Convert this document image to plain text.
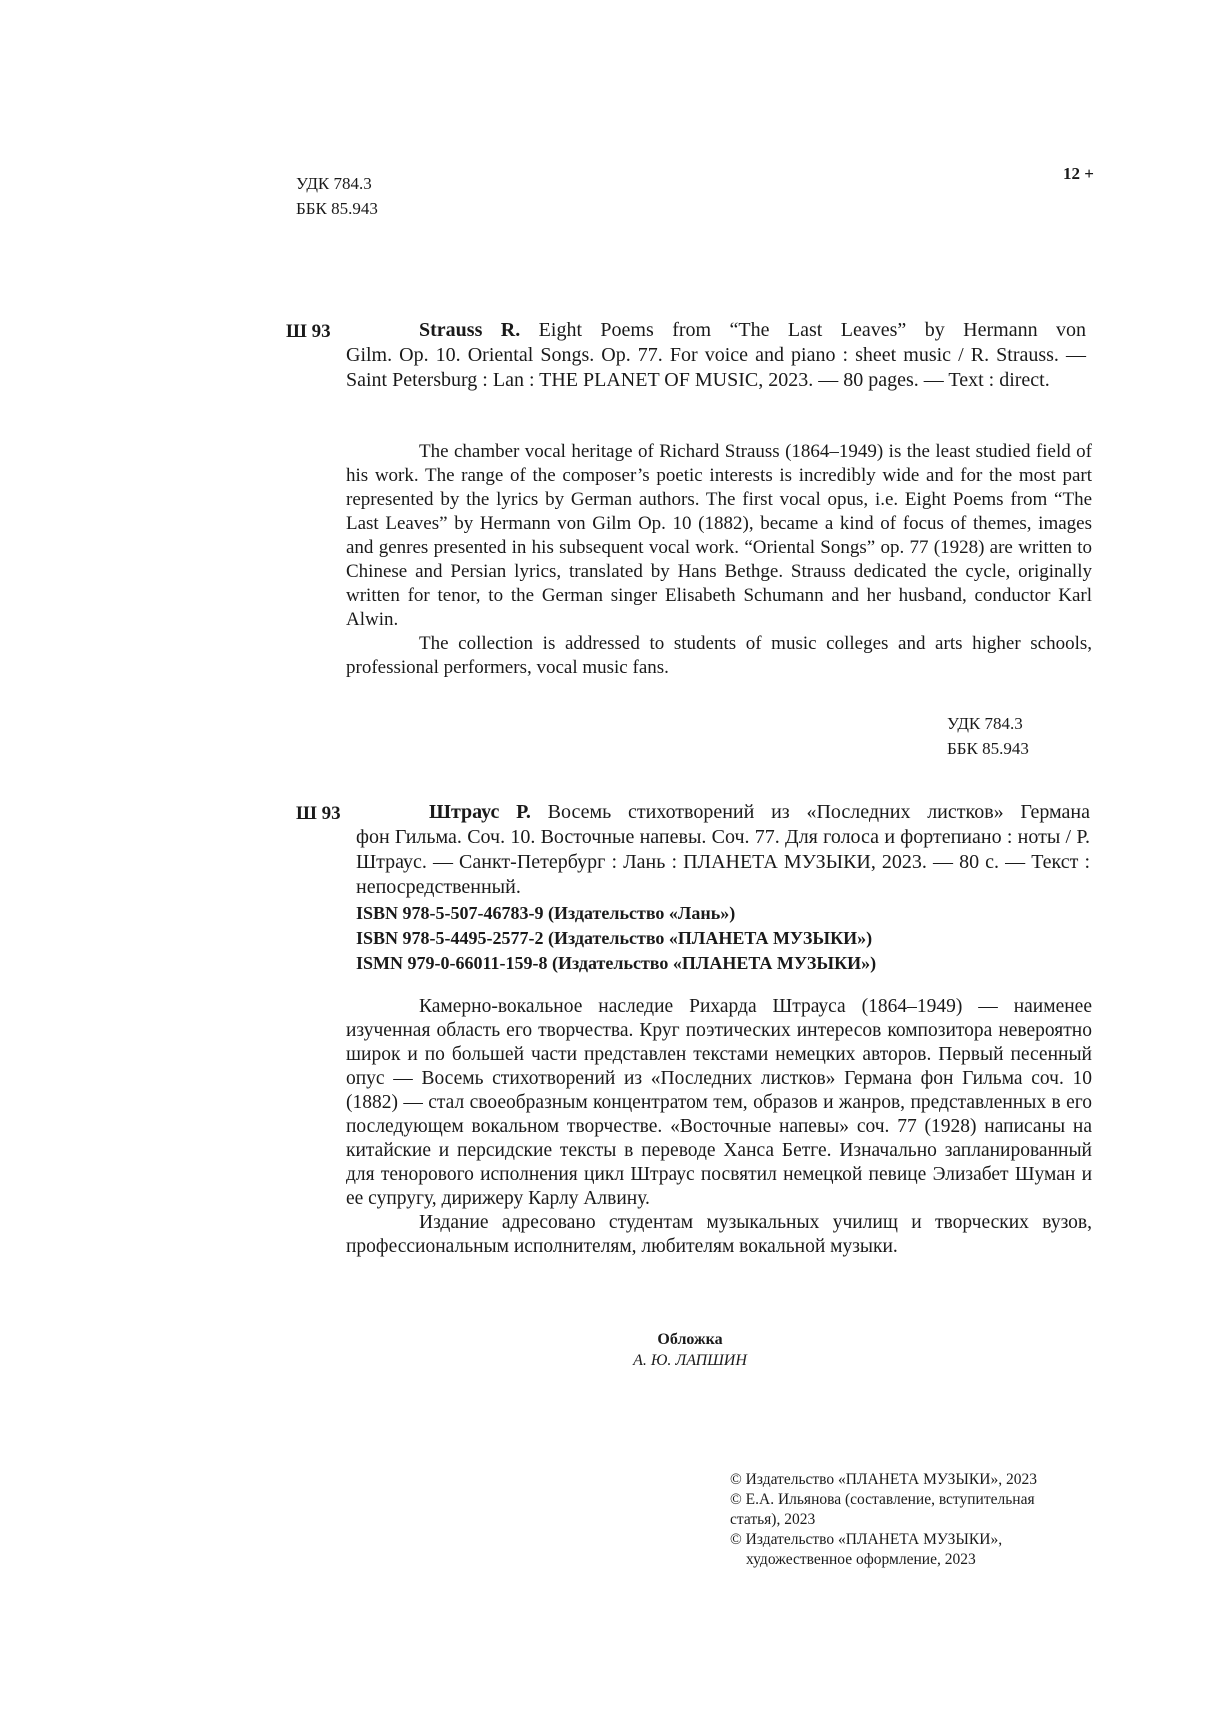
УДК 784.3
ББК 85.943
12 +
Ш 93	Strauss R. Eight Poems from “The Last Leaves” by Hermann von
Gilm. Op. 10. Oriental Songs. Op. 77. For voice and piano : sheet music / R. Strauss. — Saint Petersburg : Lan : THE PLANET OF MUSIC, 2023. — 80 pages. — Text : direct.

The chamber vocal heritage of Richard Strauss (1864–1949) is the least studied field of his work. The range of the composer’s poetic interests is incredibly wide and for the most part represented by the lyrics by German authors. The first vocal opus, i.e. Eight Poems from “The Last Leaves” by Hermann von Gilm Op. 10 (1882), became a kind of focus of themes, images and genres presented in his subsequent vocal work. “Oriental Songs” op. 77 (1928) are written to Chinese and Persian lyrics, translated by Hans Bethge. Strauss dedicated the cycle, originally written for tenor, to the German singer Elisabeth Schumann and her husband, conductor Karl Alwin.

The collection is addressed to students of music colleges and arts higher schools, professional performers, vocal music fans.

УДК 784.3
ББК 85.943
Ш 93	Штраус Р. Восемь стихотворений из «Последних листков» Германа
фон Гильма. Соч. 10. Восточные напевы. Соч. 77. Для голоса и фортепиано : ноты / Р. Штраус. — Санкт-Петербург : Лань : ПЛАНЕТА МУЗЫКИ, 2023. — 80 с. — Текст : непосредственный.
ISBN 978-5-507-46783-9 (Издательство «Лань»)
ISBN 978-5-4495-2577-2 (Издательство «ПЛАНЕТА МУЗЫКИ»)
ISMN 979-0-66011-159-8 (Издательство «ПЛАНЕТА МУЗЫКИ»)

Камерно-вокальное наследие Рихарда Штрауса (1864–1949) — наименее изученная область его творчества. Круг поэтических интересов композитора невероятно широк и по большей части представлен текстами немецких авторов. Первый песенный опус — Восемь стихотворений из «Последних листков» Германа фон Гильма соч. 10 (1882) — стал своеобразным концентратом тем, образов и жанров, представленных в его последующем вокальном творчестве. «Восточные напевы» соч. 77 (1928) написаны на китайские и персидские тексты в переводе Ханса Бетге. Изначально запланированный для тенорового исполнения цикл Штраус посвятил немецкой певице Элизабет Шуман и ее супругу, дирижеру Карлу Алвину.

Издание адресовано студентам музыкальных училищ и творческих вузов, профессиональным исполнителям, любителям вокальной музыки.

Обложка
А. Ю. ЛАПШИН
© Издательство «ПЛАНЕТА МУЗЫКИ», 2023
© Е.А. Ильянова (составление, вступительная
статья), 2023
© Издательство «ПЛАНЕТА МУЗЫКИ»,
художественное оформление, 2023
